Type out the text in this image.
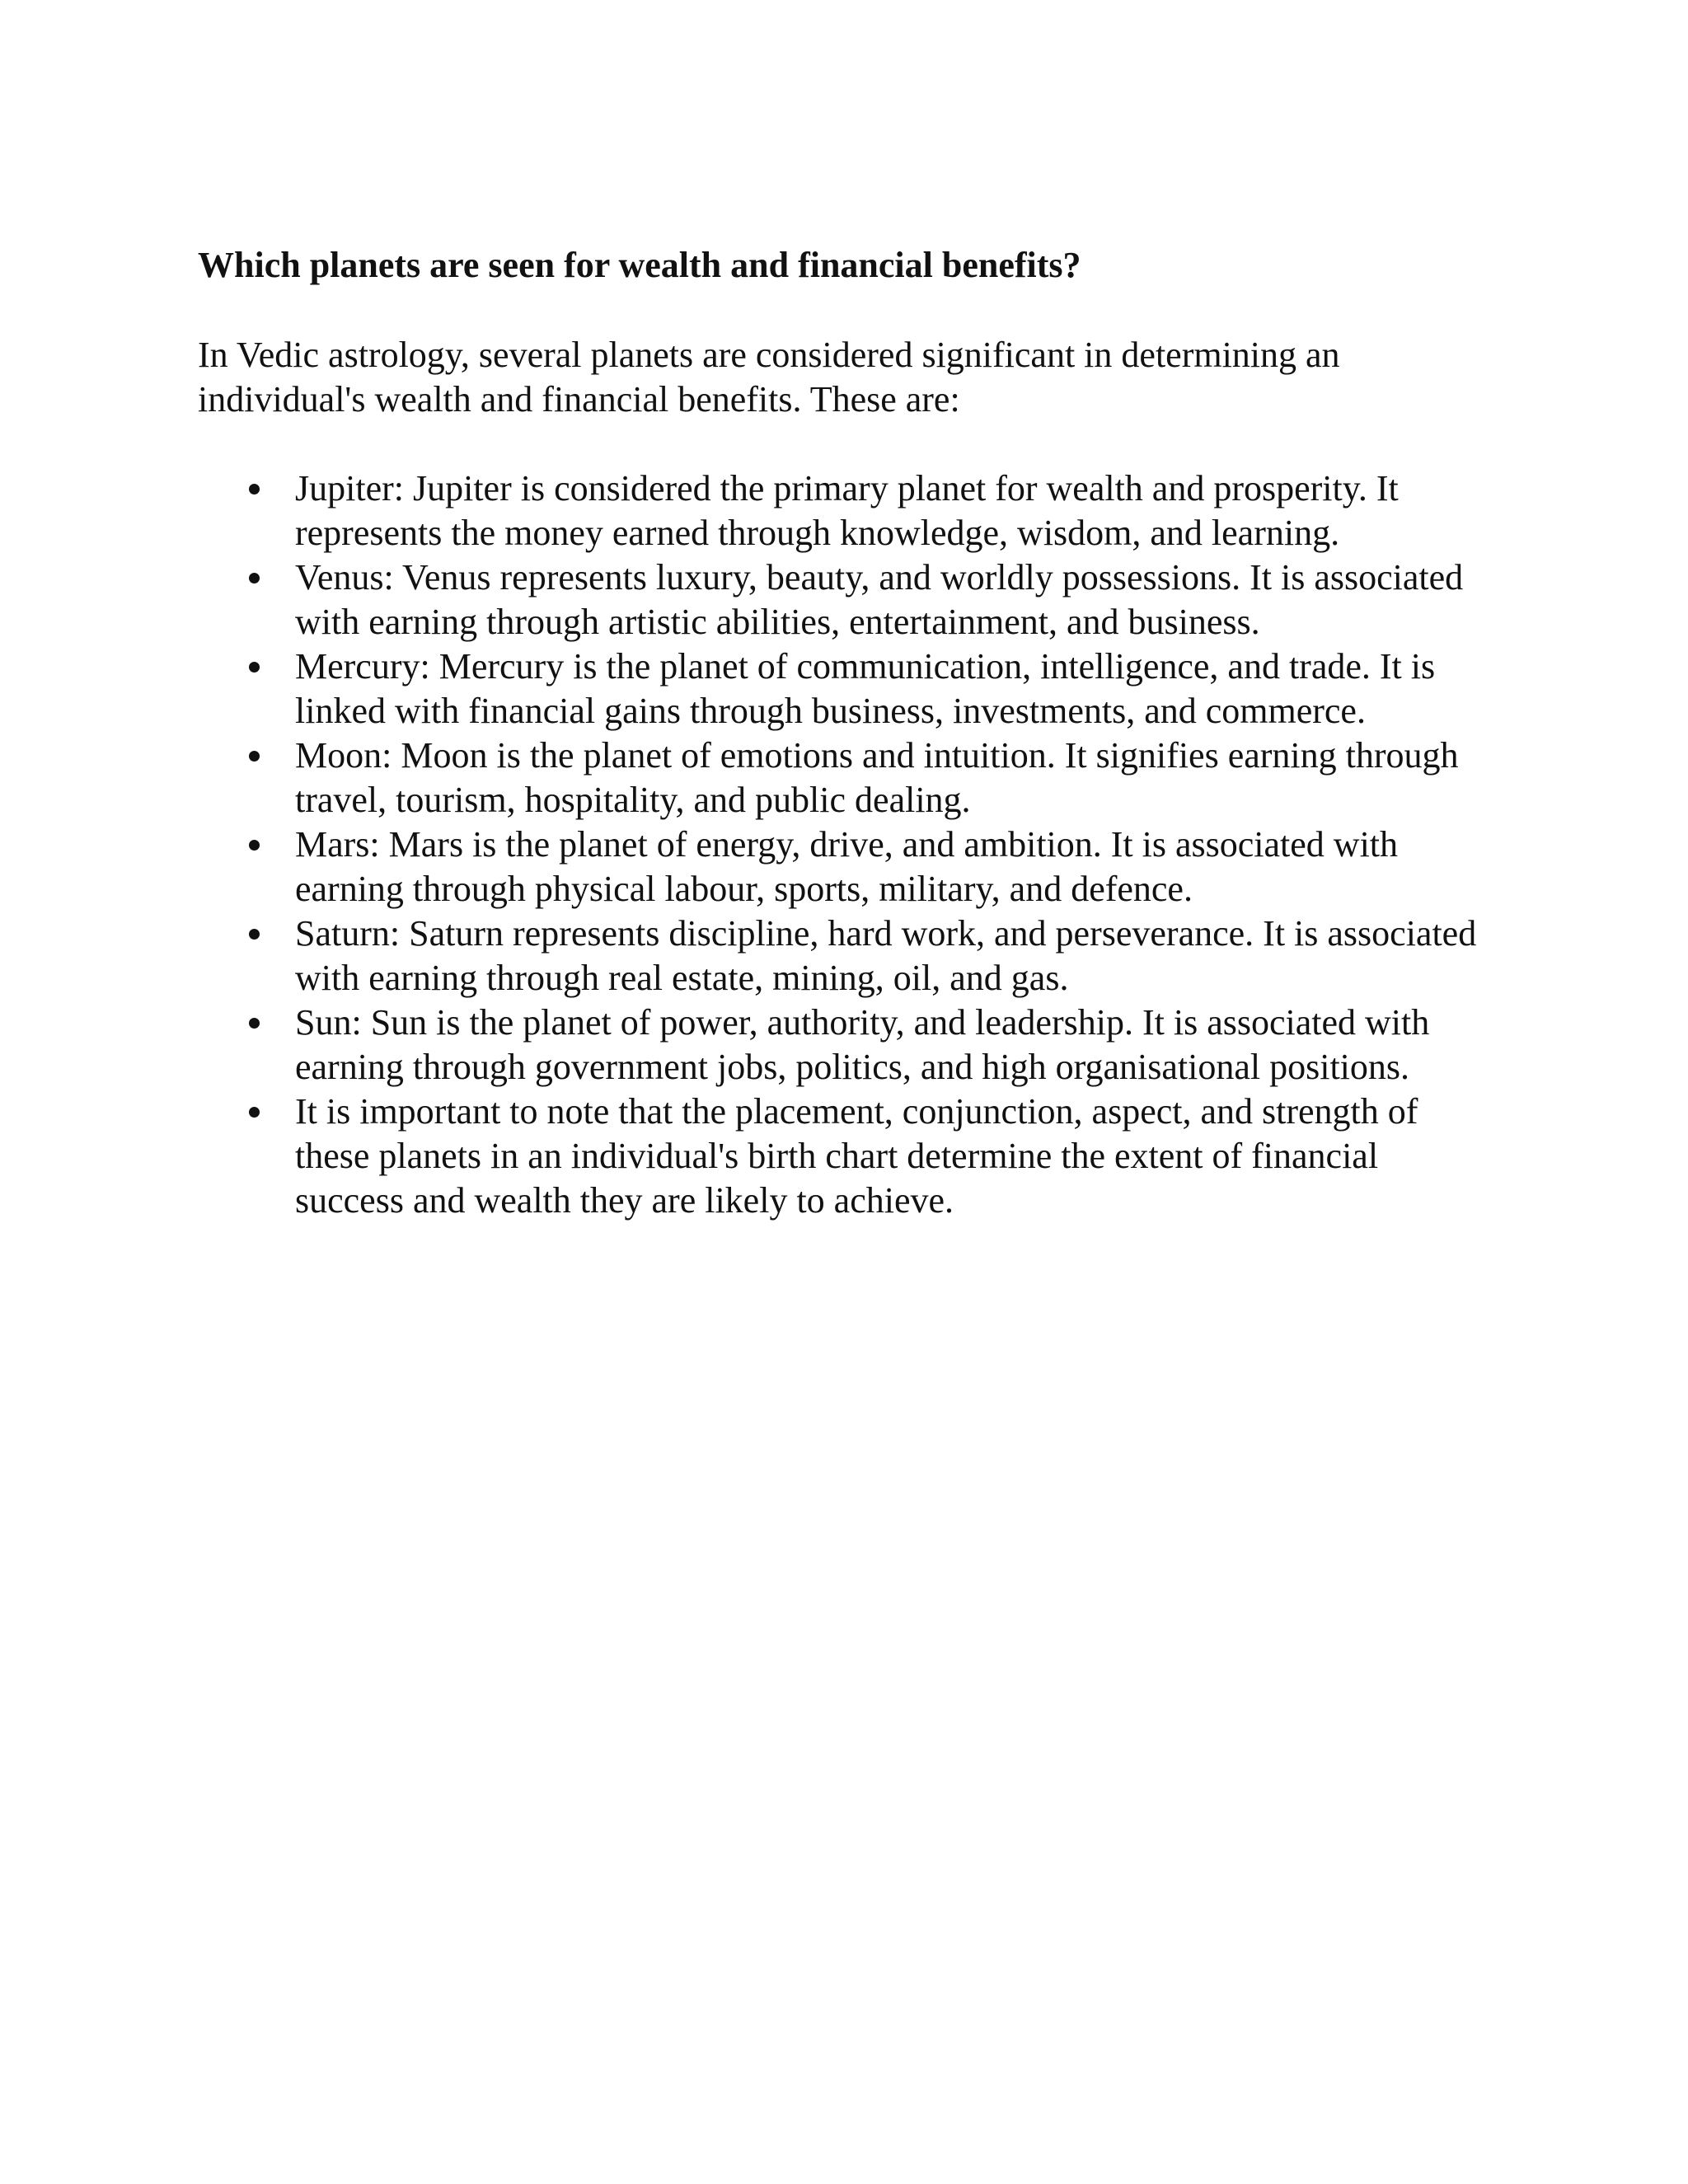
Which planets are seen for wealth and financial benefits?

In Vedic astrology, several planets are considered significant in determining an individual's wealth and financial benefits. These are:

Jupiter: Jupiter is considered the primary planet for wealth and prosperity. It represents the money earned through knowledge, wisdom, and learning.
Venus: Venus represents luxury, beauty, and worldly possessions. It is associated with earning through artistic abilities, entertainment, and business.
Mercury: Mercury is the planet of communication, intelligence, and trade. It is linked with financial gains through business, investments, and commerce.
Moon: Moon is the planet of emotions and intuition. It signifies earning through travel, tourism, hospitality, and public dealing.
Mars: Mars is the planet of energy, drive, and ambition. It is associated with earning through physical labour, sports, military, and defence.
Saturn: Saturn represents discipline, hard work, and perseverance. It is associated with earning through real estate, mining, oil, and gas.
Sun: Sun is the planet of power, authority, and leadership. It is associated with earning through government jobs, politics, and high organisational positions.
It is important to note that the placement, conjunction, aspect, and strength of these planets in an individual's birth chart determine the extent of financial success and wealth they are likely to achieve.
